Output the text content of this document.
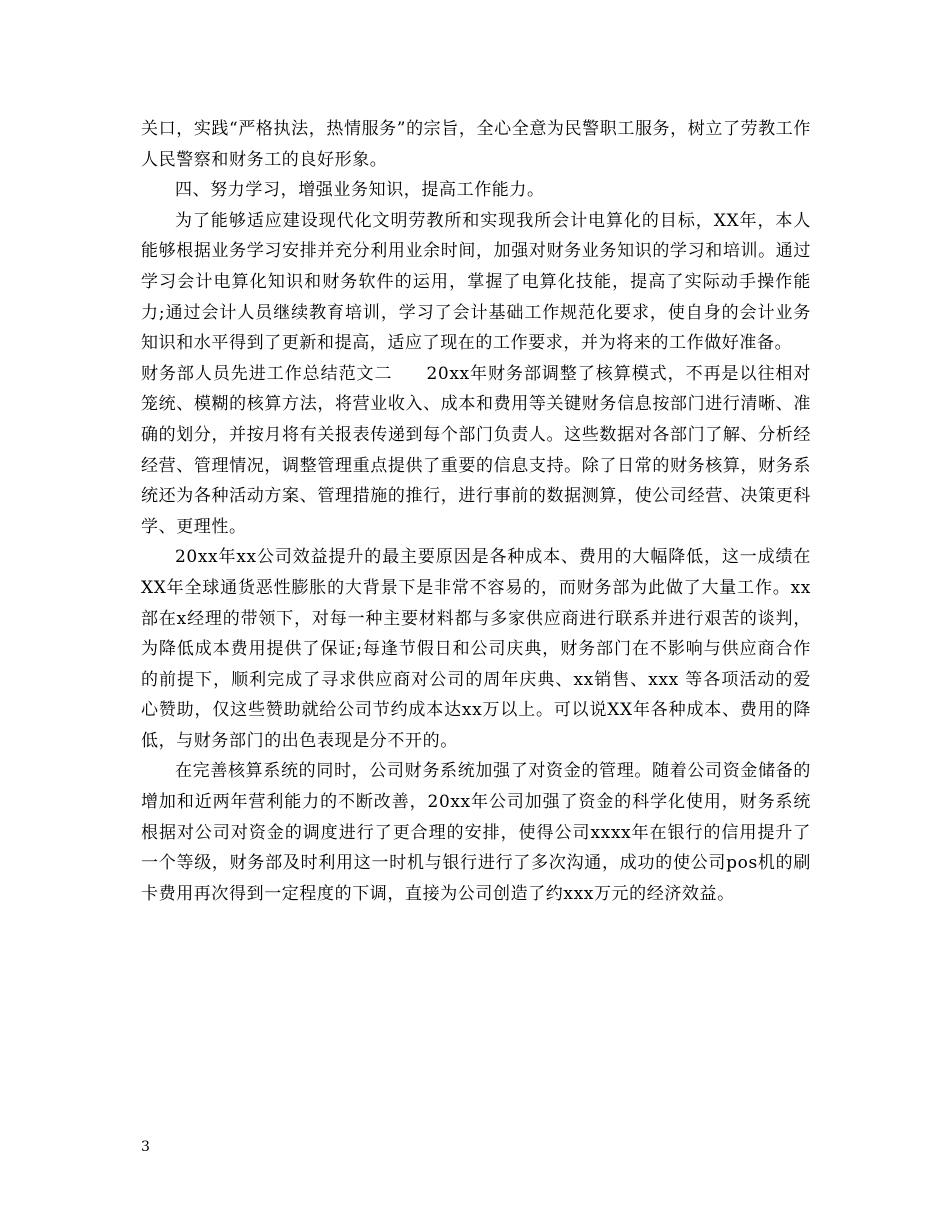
关口，实践“严格执法，热情服务”的宗旨，全心全意为民警职工服务，树立了劳教工作人民警察和财务工的良好形象。

四、努力学习，增强业务知识，提高工作能力。

为了能够适应建设现代化文明劳教所和实现我所会计电算化的目标，XX年，本人能够根据业务学习安排并充分利用业余时间，加强对财务业务知识的学习和培训。通过学习会计电算化知识和财务软件的运用，掌握了电算化技能，提高了实际动手操作能力;通过会计人员继续教育培训，学习了会计基础工作规范化要求，使自身的会计业务知识和水平得到了更新和提高，适应了现在的工作要求，并为将来的工作做好准备。

财务部人员先进工作总结范文二 20xx年财务部调整了核算模式，不再是以往相对笼统、模糊的核算方法，将营业收入、成本和费用等关键财务信息按部门进行清晰、准确的划分，并按月将有关报表传递到每个部门负责人。这些数据对各部门了解、分析经经营、管理情况，调整管理重点提供了重要的信息支持。除了日常的财务核算，财务系统还为各种活动方案、管理措施的推行，进行事前的数据测算，使公司经营、决策更科学、更理性。

20xx年xx公司效益提升的最主要原因是各种成本、费用的大幅降低，这一成绩在XX年全球通货恶性膨胀的大背景下是非常不容易的，而财务部为此做了大量工作。xx部在x经理的带领下，对每一种主要材料都与多家供应商进行联系并进行艰苦的谈判，为降低成本费用提供了保证;每逢节假日和公司庆典，财务部门在不影响与供应商合作的前提下，顺利完成了寻求供应商对公司的周年庆典、xx销售、xxx 等各项活动的爱心赞助，仅这些赞助就给公司节约成本达xx万以上。可以说XX年各种成本、费用的降低，与财务部门的出色表现是分不开的。

在完善核算系统的同时，公司财务系统加强了对资金的管理。随着公司资金储备的增加和近两年营利能力的不断改善，20xx年公司加强了资金的科学化使用，财务系统根据对公司对资金的调度进行了更合理的安排，使得公司xxxx年在银行的信用提升了一个等级，财务部及时利用这一时机与银行进行了多次沟通，成功的使公司pos机的刷卡费用再次得到一定程度的下调，直接为公司创造了约xxx万元的经济效益。

3
